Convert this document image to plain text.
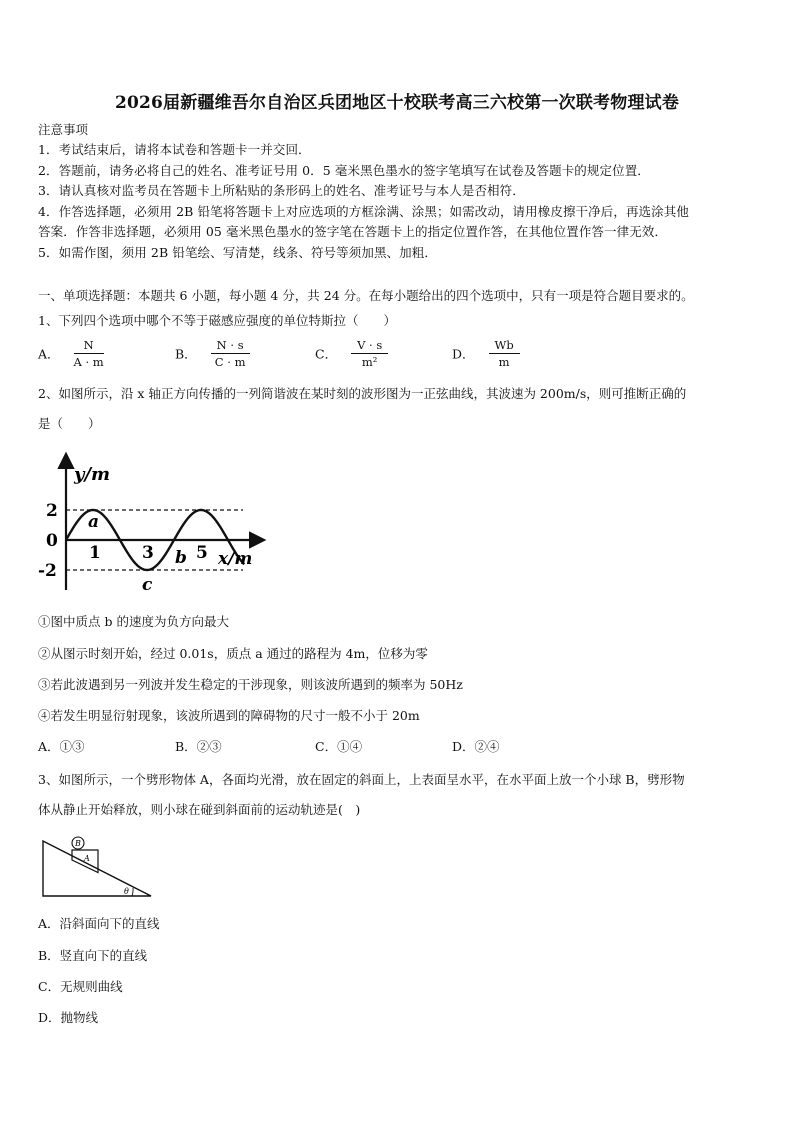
2026届新疆维吾尔自治区兵团地区十校联考高三六校第一次联考物理试卷
注意事项
1．考试结束后，请将本试卷和答题卡一并交回．
2．答题前，请务必将自己的姓名、准考证号用 0．5 毫米黑色墨水的签字笔填写在试卷及答题卡的规定位置．
3．请认真核对监考员在答题卡上所粘贴的条形码上的姓名、准考证号与本人是否相符．
4．作答选择题，必须用 2B 铅笔将答题卡上对应选项的方框涂满、涂黑；如需改动，请用橡皮擦干净后，再选涂其他
答案．作答非选择题，必须用 05 毫米黑色墨水的签字笔在答题卡上的指定位置作答，在其他位置作答一律无效．
5．如需作图，须用 2B 铅笔绘、写清楚，线条、符号等须加黑、加粗．
一、单项选择题：本题共 6 小题，每小题 4 分，共 24 分。在每小题给出的四个选项中，只有一项是符合题目要求的。
1、下列四个选项中哪个不等于磁感应强度的单位特斯拉（　　）
A． $\frac{N}{A \cdot m}$	B． $\frac{N \cdot s}{C \cdot m}$	C． $\frac{V \cdot s}{\text{m²}}$	D． $\frac{Wb}{m}$
2、如图所示，沿 x 轴正方向传播的一列简谐波在某时刻的波形图为一正弦曲线，其波速为 200m/s，则可推断正确的
是（　　）
y/m
x/m
2
0
-2
1 3 5
a
b
c
①图中质点 b 的速度为负方向最大
②从图示时刻开始，经过 0.01s，质点 a 通过的路程为 4m，位移为零
③若此波遇到另一列波并发生稳定的干涉现象，则该波所遇到的频率为 50Hz
④若发生明显衍射现象，该波所遇到的障碍物的尺寸一般不小于 20m
A．①③	B．②③	C．①④	D．②④
3、如图所示，一个劈形物体 A，各面均光滑，放在固定的斜面上，上表面呈水平，在水平面上放一个小球 B，劈形物
体从静止开始释放，则小球在碰到斜面前的运动轨迹是(　)
B
A
θ
A．沿斜面向下的直线
B．竖直向下的直线
C．无规则曲线
D．抛物线
